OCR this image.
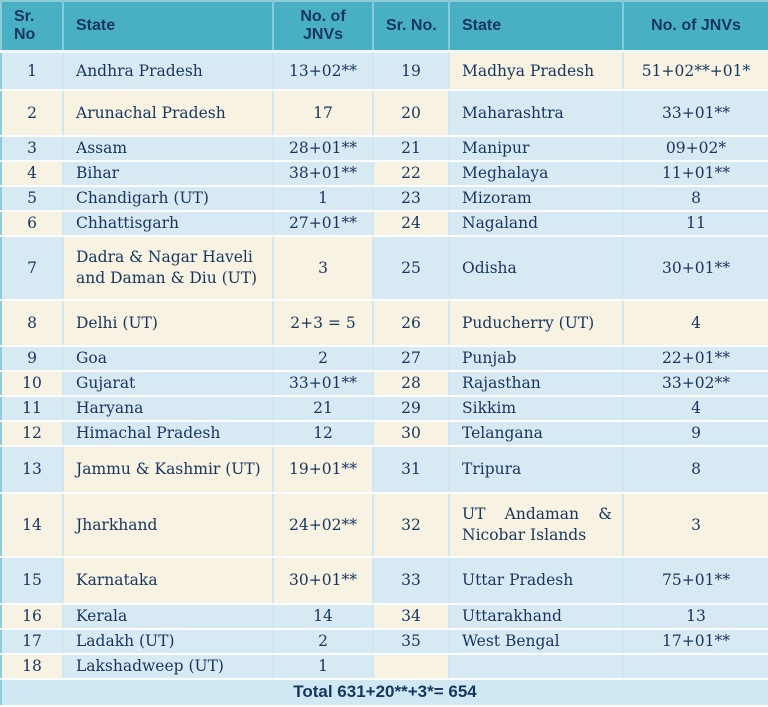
Sr. No	State	No. of JNVs	Sr. No.	State	No. of JNVs
1	Andhra Pradesh	13+02**	19	Madhya Pradesh	51+02**+01*
2	Arunachal Pradesh	17	20	Maharashtra	33+01**
3	Assam	28+01**	21	Manipur	09+02*
4	Bihar	38+01**	22	Meghalaya	11+01**
5	Chandigarh (UT)	1	23	Mizoram	8
6	Chhattisgarh	27+01**	24	Nagaland	11
7	Dadra & Nagar Haveli and Daman & Diu (UT)	3	25	Odisha	30+01**
8	Delhi (UT)	2+3 = 5	26	Puducherry (UT)	4
9	Goa	2	27	Punjab	22+01**
10	Gujarat	33+01**	28	Rajasthan	33+02**
11	Haryana	21	29	Sikkim	4
12	Himachal Pradesh	12	30	Telangana	9
13	Jammu & Kashmir (UT)	19+01**	31	Tripura	8
14	Jharkhand	24+02**	32	UT Andaman & Nicobar Islands	3
15	Karnataka	30+01**	33	Uttar Pradesh	75+01**
16	Kerala	14	34	Uttarakhand	13
17	Ladakh (UT)	2	35	West Bengal	17+01**
18	Lakshadweep (UT)	1			
Total 631+20**+3*= 654					
